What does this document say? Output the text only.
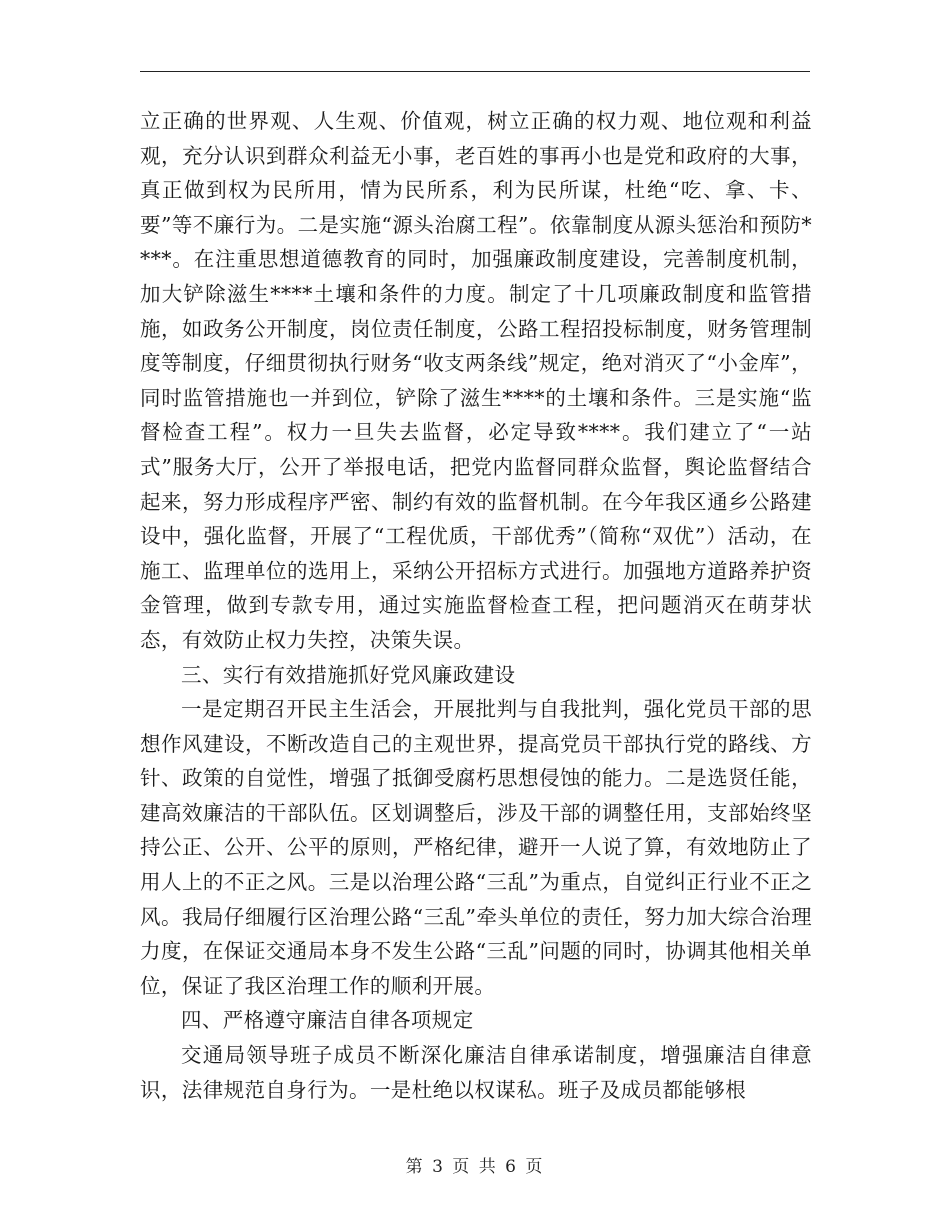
立正确的世界观、人生观、价值观，树立正确的权力观、地位观和利益观，充分认识到群众利益无小事，老百姓的事再小也是党和政府的大事，真正做到权为民所用，情为民所系，利为民所谋，杜绝“吃、拿、卡、要”等不廉行为。二是实施“源头治腐工程”。依靠制度从源头惩治和预防****。在注重思想道德教育的同时，加强廉政制度建设，完善制度机制，加大铲除滋生****土壤和条件的力度。制定了十几项廉政制度和监管措施，如政务公开制度，岗位责任制度，公路工程招投标制度，财务管理制度等制度，仔细贯彻执行财务“收支两条线”规定，绝对消灭了“小金库”，同时监管措施也一并到位，铲除了滋生****的土壤和条件。三是实施“监督检查工程”。权力一旦失去监督，必定导致****。我们建立了“一站式”服务大厅，公开了举报电话，把党内监督同群众监督，舆论监督结合起来，努力形成程序严密、制约有效的监督机制。在今年我区通乡公路建设中，强化监督，开展了“工程优质，干部优秀”（简称“双优”）活动，在施工、监理单位的选用上，采纳公开招标方式进行。加强地方道路养护资金管理，做到专款专用，通过实施监督检查工程，把问题消灭在萌芽状态，有效防止权力失控，决策失误。

三、实行有效措施抓好党风廉政建设

一是定期召开民主生活会，开展批判与自我批判，强化党员干部的思想作风建设，不断改造自己的主观世界，提高党员干部执行党的路线、方针、政策的自觉性，增强了抵御受腐朽思想侵蚀的能力。二是选贤任能，建高效廉洁的干部队伍。区划调整后，涉及干部的调整任用，支部始终坚持公正、公开、公平的原则，严格纪律，避开一人说了算，有效地防止了用人上的不正之风。三是以治理公路“三乱”为重点，自觉纠正行业不正之风。我局仔细履行区治理公路“三乱”牵头单位的责任，努力加大综合治理力度，在保证交通局本身不发生公路“三乱”问题的同时，协调其他相关单位，保证了我区治理工作的顺利开展。

四、严格遵守廉洁自律各项规定

交通局领导班子成员不断深化廉洁自律承诺制度，增强廉洁自律意识，法律规范自身行为。一是杜绝以权谋私。班子及成员都能够根

第 3 页 共 6 页
